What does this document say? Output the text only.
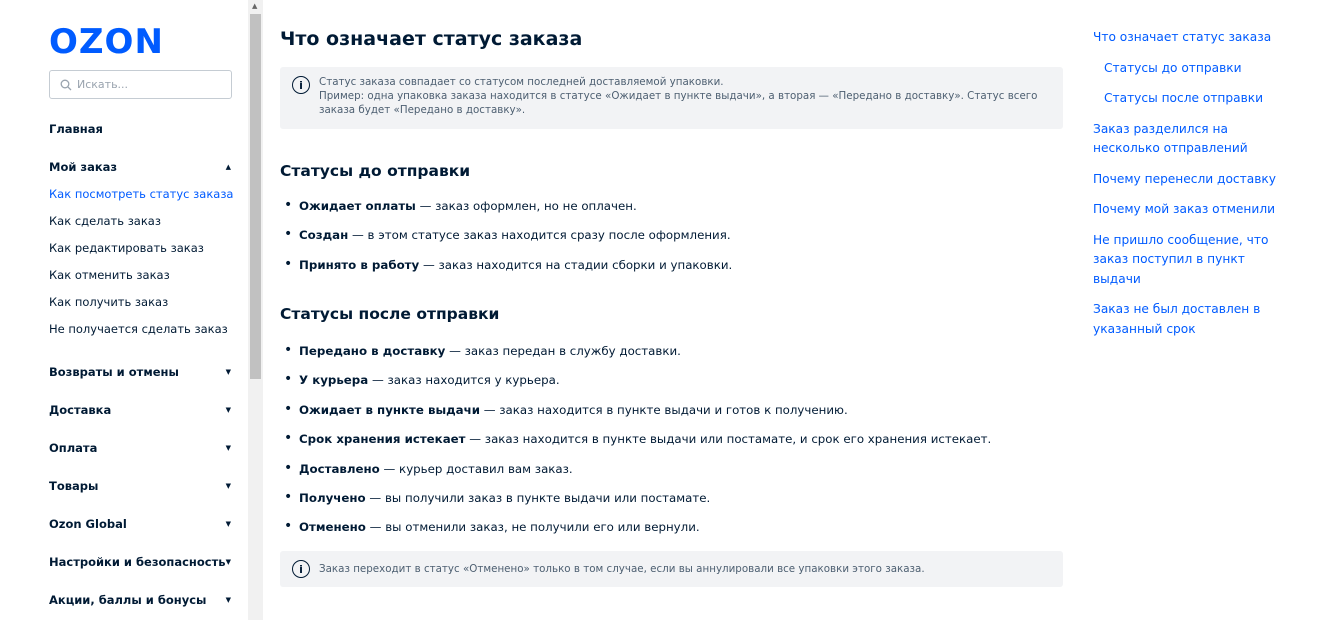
OZON
Искать...
Главная
Мой заказ	▲
Как посмотреть статус заказа
Как сделать заказ
Как редактировать заказ
Как отменить заказ
Как получить заказ
Не получается сделать заказ
Возвраты и отмены	▼
Доставка	▼
Оплата	▼
Товары	▼
Ozon Global	▼
Настройки и безопасность ▼
Акции, баллы и бонусы	▼
▲
Что означает статус заказа
i	Статус заказа совпадает со статусом последней доставляемой упаковки.
Пример: одна упаковка заказа находится в статусе «Ожидает в пункте выдачи», а вторая — «Передано в доставку». Статус всего заказа будет «Передано в доставку».
Статусы до отправки
• Ожидает оплаты — заказ оформлен, но не оплачен.
• Создан — в этом статусе заказ находится сразу после оформления.
• Принято в работу — заказ находится на стадии сборки и упаковки.
Статусы после отправки
• Передано в доставку — заказ передан в службу доставки.
• У курьера — заказ находится у курьера.
• Ожидает в пункте выдачи — заказ находится в пункте выдачи и готов к получению.
• Срок хранения истекает — заказ находится в пункте выдачи или постамате, и срок его хранения истекает.
• Доставлено — курьер доставил вам заказ.
• Получено — вы получили заказ в пункте выдачи или постамате.
• Отменено — вы отменили заказ, не получили его или вернули.
i	Заказ переходит в статус «Отменено» только в том случае, если вы аннулировали все упаковки этого заказа.
Что означает статус заказа
Статусы до отправки
Статусы после отправки
Заказ разделился на несколько отправлений
Почему перенесли доставку
Почему мой заказ отменили
Не пришло сообщение, что заказ поступил в пункт выдачи
Заказ не был доставлен в указанный срок
